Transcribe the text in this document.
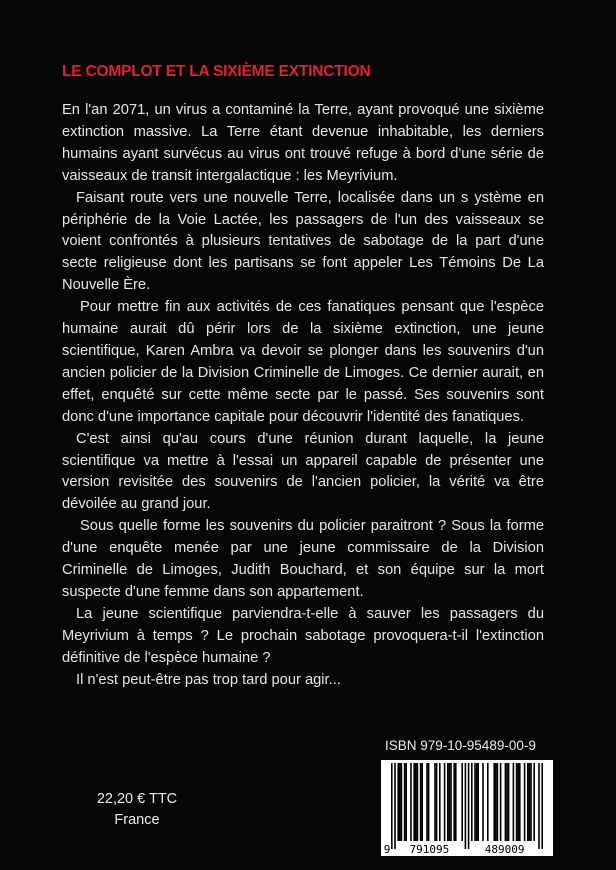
LE COMPLOT ET LA SIXIÈME EXTINCTION

En l'an 2071, un virus a contaminé la Terre, ayant provoqué une sixième extinction massive. La Terre étant devenue inhabitable, les derniers humains ayant survécus au virus ont trouvé refuge à bord d'une série de vaisseaux de transit intergalactique : les Meyrivium.

Faisant route vers une nouvelle Terre, localisée dans un s ystème en périphérie de la Voie Lactée, les passagers de l'un des vaisseaux se voient confrontés à plusieurs tentatives de sabotage de la part d'une secte religieuse dont les partisans se font appeler Les Témoins De La Nouvelle Ère.

Pour mettre fin aux activités de ces fanatiques pensant que l'espèce humaine aurait dû périr lors de la sixième extinction, une jeune scientifique, Karen Ambra va devoir se plonger dans les souvenirs d'un ancien policier de la Division Criminelle de Limoges. Ce dernier aurait, en effet, enquêté sur cette même secte par le passé. Ses souvenirs sont donc d'une importance capitale pour découvrir l'identité des fanatiques.

C'est ainsi qu'au cours d'une réunion durant laquelle, la jeune scientifique va mettre à l'essai un appareil capable de présenter une version revisitée des souvenirs de l'ancien policier, la vérité va être dévoilée au grand jour.

Sous quelle forme les souvenirs du policier paraitront ? Sous la forme d'une enquête menée par une jeune commissaire de la Division Criminelle de Limoges, Judith Bouchard, et son équipe sur la mort suspecte d'une femme dans son appartement.

La jeune scientifique parviendra-t-elle à sauver les passagers du Meyrivium à temps ? Le prochain sabotage provoquera-t-il l'extinction définitive de l'espèce humaine ?

Il n'est peut-être pas trop tard pour agir...

22,20 € TTC
France
ISBN 979-10-95489-00-9
9 791095	489009
